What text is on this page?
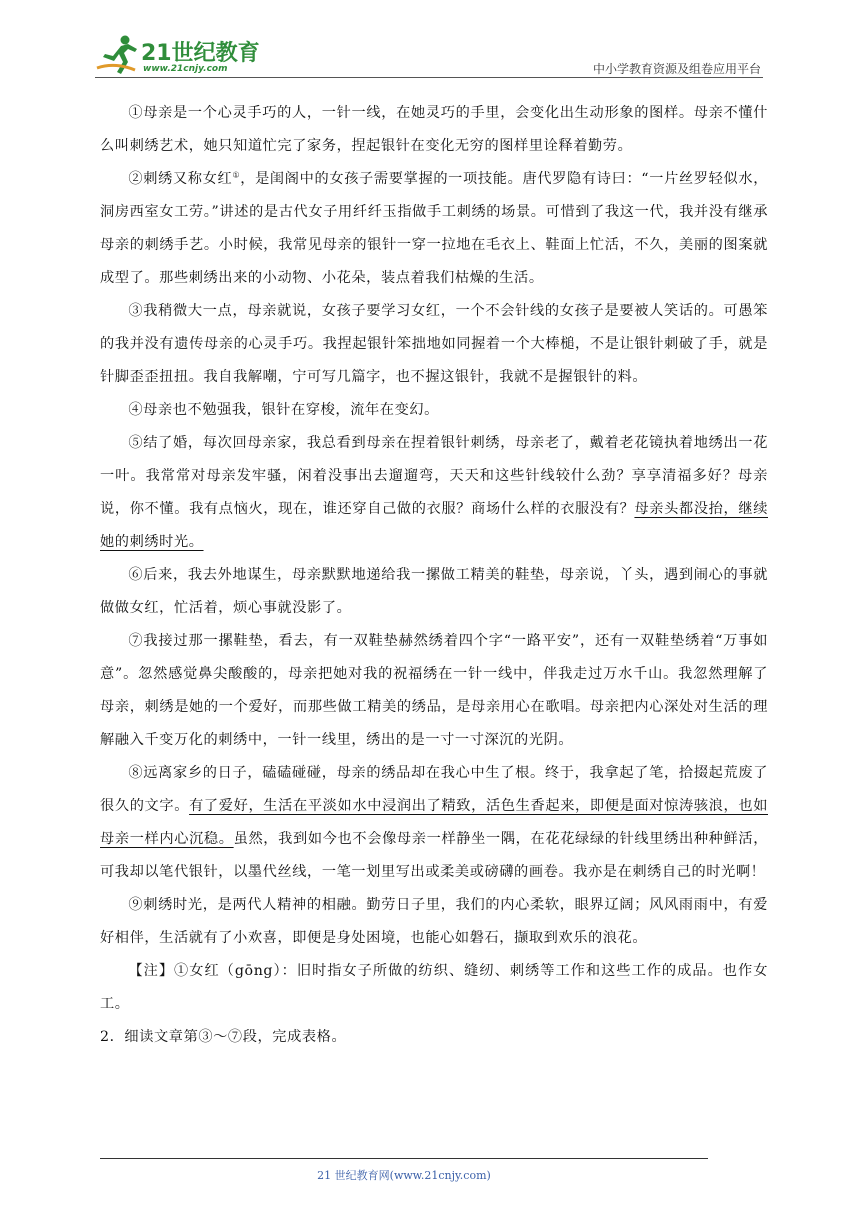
21世纪教育
www.21cnjy.com	中小学教育资源及组卷应用平台

①母亲是一个心灵手巧的人，一针一线，在她灵巧的手里，会变化出生动形象的图样。母亲不懂什么叫刺绣艺术，她只知道忙完了家务，捏起银针在变化无穷的图样里诠释着勤劳。

②刺绣又称女红①，是闺阁中的女孩子需要掌握的一项技能。唐代罗隐有诗曰：“一片丝罗轻似水，洞房西室女工劳。”讲述的是古代女子用纤纤玉指做手工刺绣的场景。可惜到了我这一代，我并没有继承母亲的刺绣手艺。小时候，我常见母亲的银针一穿一拉地在毛衣上、鞋面上忙活，不久，美丽的图案就成型了。那些刺绣出来的小动物、小花朵，装点着我们枯燥的生活。

③我稍微大一点，母亲就说，女孩子要学习女红，一个不会针线的女孩子是要被人笑话的。可愚笨的我并没有遗传母亲的心灵手巧。我捏起银针笨拙地如同握着一个大棒槌，不是让银针刺破了手，就是针脚歪歪扭扭。我自我解嘲，宁可写几篇字，也不握这银针，我就不是握银针的料。

④母亲也不勉强我，银针在穿梭，流年在变幻。

⑤结了婚，每次回母亲家，我总看到母亲在捏着银针刺绣，母亲老了，戴着老花镜执着地绣出一花一叶。我常常对母亲发牢骚，闲着没事出去遛遛弯，天天和这些针线较什么劲？享享清福多好？母亲说，你不懂。我有点恼火，现在，谁还穿自己做的衣服？商场什么样的衣服没有？母亲头都没抬，继续她的刺绣时光。

⑥后来，我去外地谋生，母亲默默地递给我一摞做工精美的鞋垫，母亲说，丫头，遇到闹心的事就做做女红，忙活着，烦心事就没影了。

⑦我接过那一摞鞋垫，看去，有一双鞋垫赫然绣着四个字“一路平安”，还有一双鞋垫绣着“万事如意”。忽然感觉鼻尖酸酸的，母亲把她对我的祝福绣在一针一线中，伴我走过万水千山。我忽然理解了母亲，刺绣是她的一个爱好，而那些做工精美的绣品，是母亲用心在歌唱。母亲把内心深处对生活的理解融入千变万化的刺绣中，一针一线里，绣出的是一寸一寸深沉的光阴。

⑧远离家乡的日子，磕磕碰碰，母亲的绣品却在我心中生了根。终于，我拿起了笔，拾掇起荒废了很久的文字。有了爱好，生活在平淡如水中浸润出了精致，活色生香起来，即便是面对惊涛骇浪，也如母亲一样内心沉稳。虽然，我到如今也不会像母亲一样静坐一隅，在花花绿绿的针线里绣出种种鲜活，可我却以笔代银针，以墨代丝线，一笔一划里写出或柔美或磅礴的画卷。我亦是在刺绣自己的时光啊！

⑨刺绣时光，是两代人精神的相融。勤劳日子里，我们的内心柔软，眼界辽阔；风风雨雨中，有爱好相伴，生活就有了小欢喜，即便是身处困境，也能心如磐石，撷取到欢乐的浪花。

【注】①女红（gōng）：旧时指女子所做的纺织、缝纫、刺绣等工作和这些工作的成品。也作女工。

2．细读文章第③～⑦段，完成表格。

21 世纪教育网(www.21cnjy.com)
